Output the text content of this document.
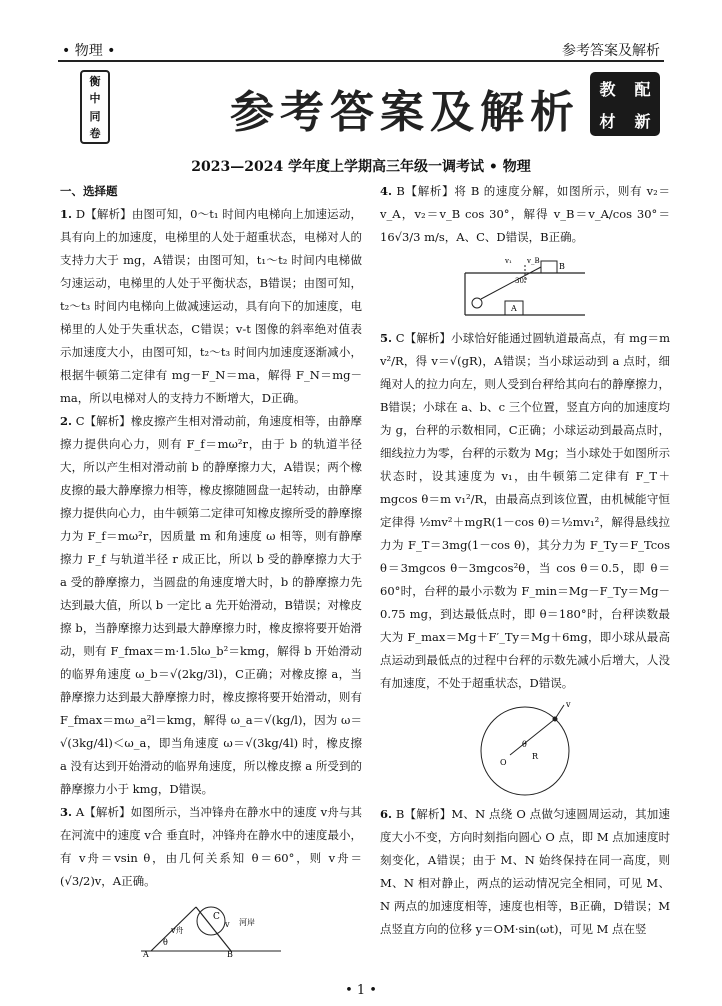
• 物理 •	参考答案及解析
衡
中
同
卷	参考答案及解析	教	配
材	新
2023—2024 学年度上学期高三年级一调考试 • 物理
一、选择题

1. D【解析】由图可知，0～t₁ 时间内电梯向上加速运动，具有向上的加速度，电梯里的人处于超重状态，电梯对人的支持力大于 mg，A错误；由图可知，t₁～t₂ 时间内电梯做匀速运动，电梯里的人处于平衡状态，B错误；由图可知，t₂～t₃ 时间内电梯向上做减速运动，具有向下的加速度，电梯里的人处于失重状态，C错误；v-t 图像的斜率绝对值表示加速度大小，由图可知，t₂～t₃ 时间内加速度逐渐减小，根据牛顿第二定律有 mg－F_N＝ma，解得 F_N＝mg－ma，所以电梯对人的支持力不断增大，D正确。

2. C【解析】橡皮擦产生相对滑动前，角速度相等，由静摩擦力提供向心力，则有 F_f＝mω²r，由于 b 的轨道半径大，所以产生相对滑动前 b 的静摩擦力大，A错误；两个橡皮擦的最大静摩擦力相等，橡皮擦随圆盘一起转动，由静摩擦力提供向心力，由牛顿第二定律可知橡皮擦所受的静摩擦力为 F_f＝mω²r，因质量 m 和角速度 ω 相等，则有静摩擦力 F_f 与轨道半径 r 成正比，所以 b 受的静摩擦力大于 a 受的静摩擦力，当圆盘的角速度增大时，b 的静摩擦力先达到最大值，所以 b 一定比 a 先开始滑动，B错误；对橡皮擦 b，当静摩擦力达到最大静摩擦力时，橡皮擦将要开始滑动，则有 F_fmax＝m·1.5lω_b²＝kmg，解得 b 开始滑动的临界角速度 ω_b＝√(2kg/3l)，C正确；对橡皮擦 a，当静摩擦力达到最大静摩擦力时，橡皮擦将要开始滑动，则有 F_fmax＝mω_a²l＝kmg，解得 ω_a＝√(kg/l)，因为 ω＝√(3kg/4l)＜ω_a，即当角速度 ω＝√(3kg/4l) 时，橡皮擦 a 没有达到开始滑动的临界角速度，所以橡皮擦 a 所受到的静摩擦力小于 kmg，D错误。

3. A【解析】如图所示，当冲锋舟在静水中的速度 v舟与其在河流中的速度 v合 垂直时，冲锋舟在静水中的速度最小，有 v舟＝vsin θ，由几何关系知 θ＝60°，则 v舟＝(√3/2)v，A正确。

C
v舟
v
θ
A	B
河岸

4. B【解析】将 B 的速度分解，如图所示，则有 v₂＝v_A，v₂＝v_B cos 30°，解得 v_B＝v_A/cos 30°＝16√3/3 m/s，A、C、D错误，B正确。

v₁ v_B
30°
B
A

5. C【解析】小球恰好能通过圆轨道最高点，有 mg＝m v²/R，得 v＝√(gR)，A错误；当小球运动到 a 点时，细绳对人的拉力向左，则人受到台秤给其向右的静摩擦力，B错误；小球在 a、b、c 三个位置，竖直方向的加速度均为 g，台秤的示数相同，C正确；小球运动到最高点时，细线拉力为零，台秤的示数为 Mg；当小球处于如图所示状态时，设其速度为 v₁，由牛顿第二定律有 F_T＋mgcos θ＝m v₁²/R，由最高点到该位置，由机械能守恒定律得 ½mv²＋mgR(1－cos θ)＝½mv₁²，解得悬线拉力为 F_T＝3mg(1－cos θ)，其分力为 F_Ty＝F_Tcos θ＝3mgcos θ－3mgcos²θ，当 cos θ＝0.5，即 θ＝60°时，台秤的最小示数为 F_min＝Mg－F_Ty＝Mg－0.75 mg，到达最低点时，即 θ＝180°时，台秤读数最大为 F_max＝Mg＋F′_Ty＝Mg＋6mg，即小球从最高点运动到最低点的过程中台秤的示数先减小后增大，人没有加速度，不处于超重状态，D错误。

v
θ
R
O

6. B【解析】M、N 点绕 O 点做匀速圆周运动，其加速度大小不变，方向时刻指向圆心 O 点，即 M 点加速度时刻变化，A错误；由于 M、N 始终保持在同一高度，则 M、N 相对静止，两点的运动情况完全相同，可见 M、N 两点的加速度相等，速度也相等，B正确，D错误；M 点竖直方向的位移 y＝OM·sin(ωt)，可见 M 点在竖

• 1 •
